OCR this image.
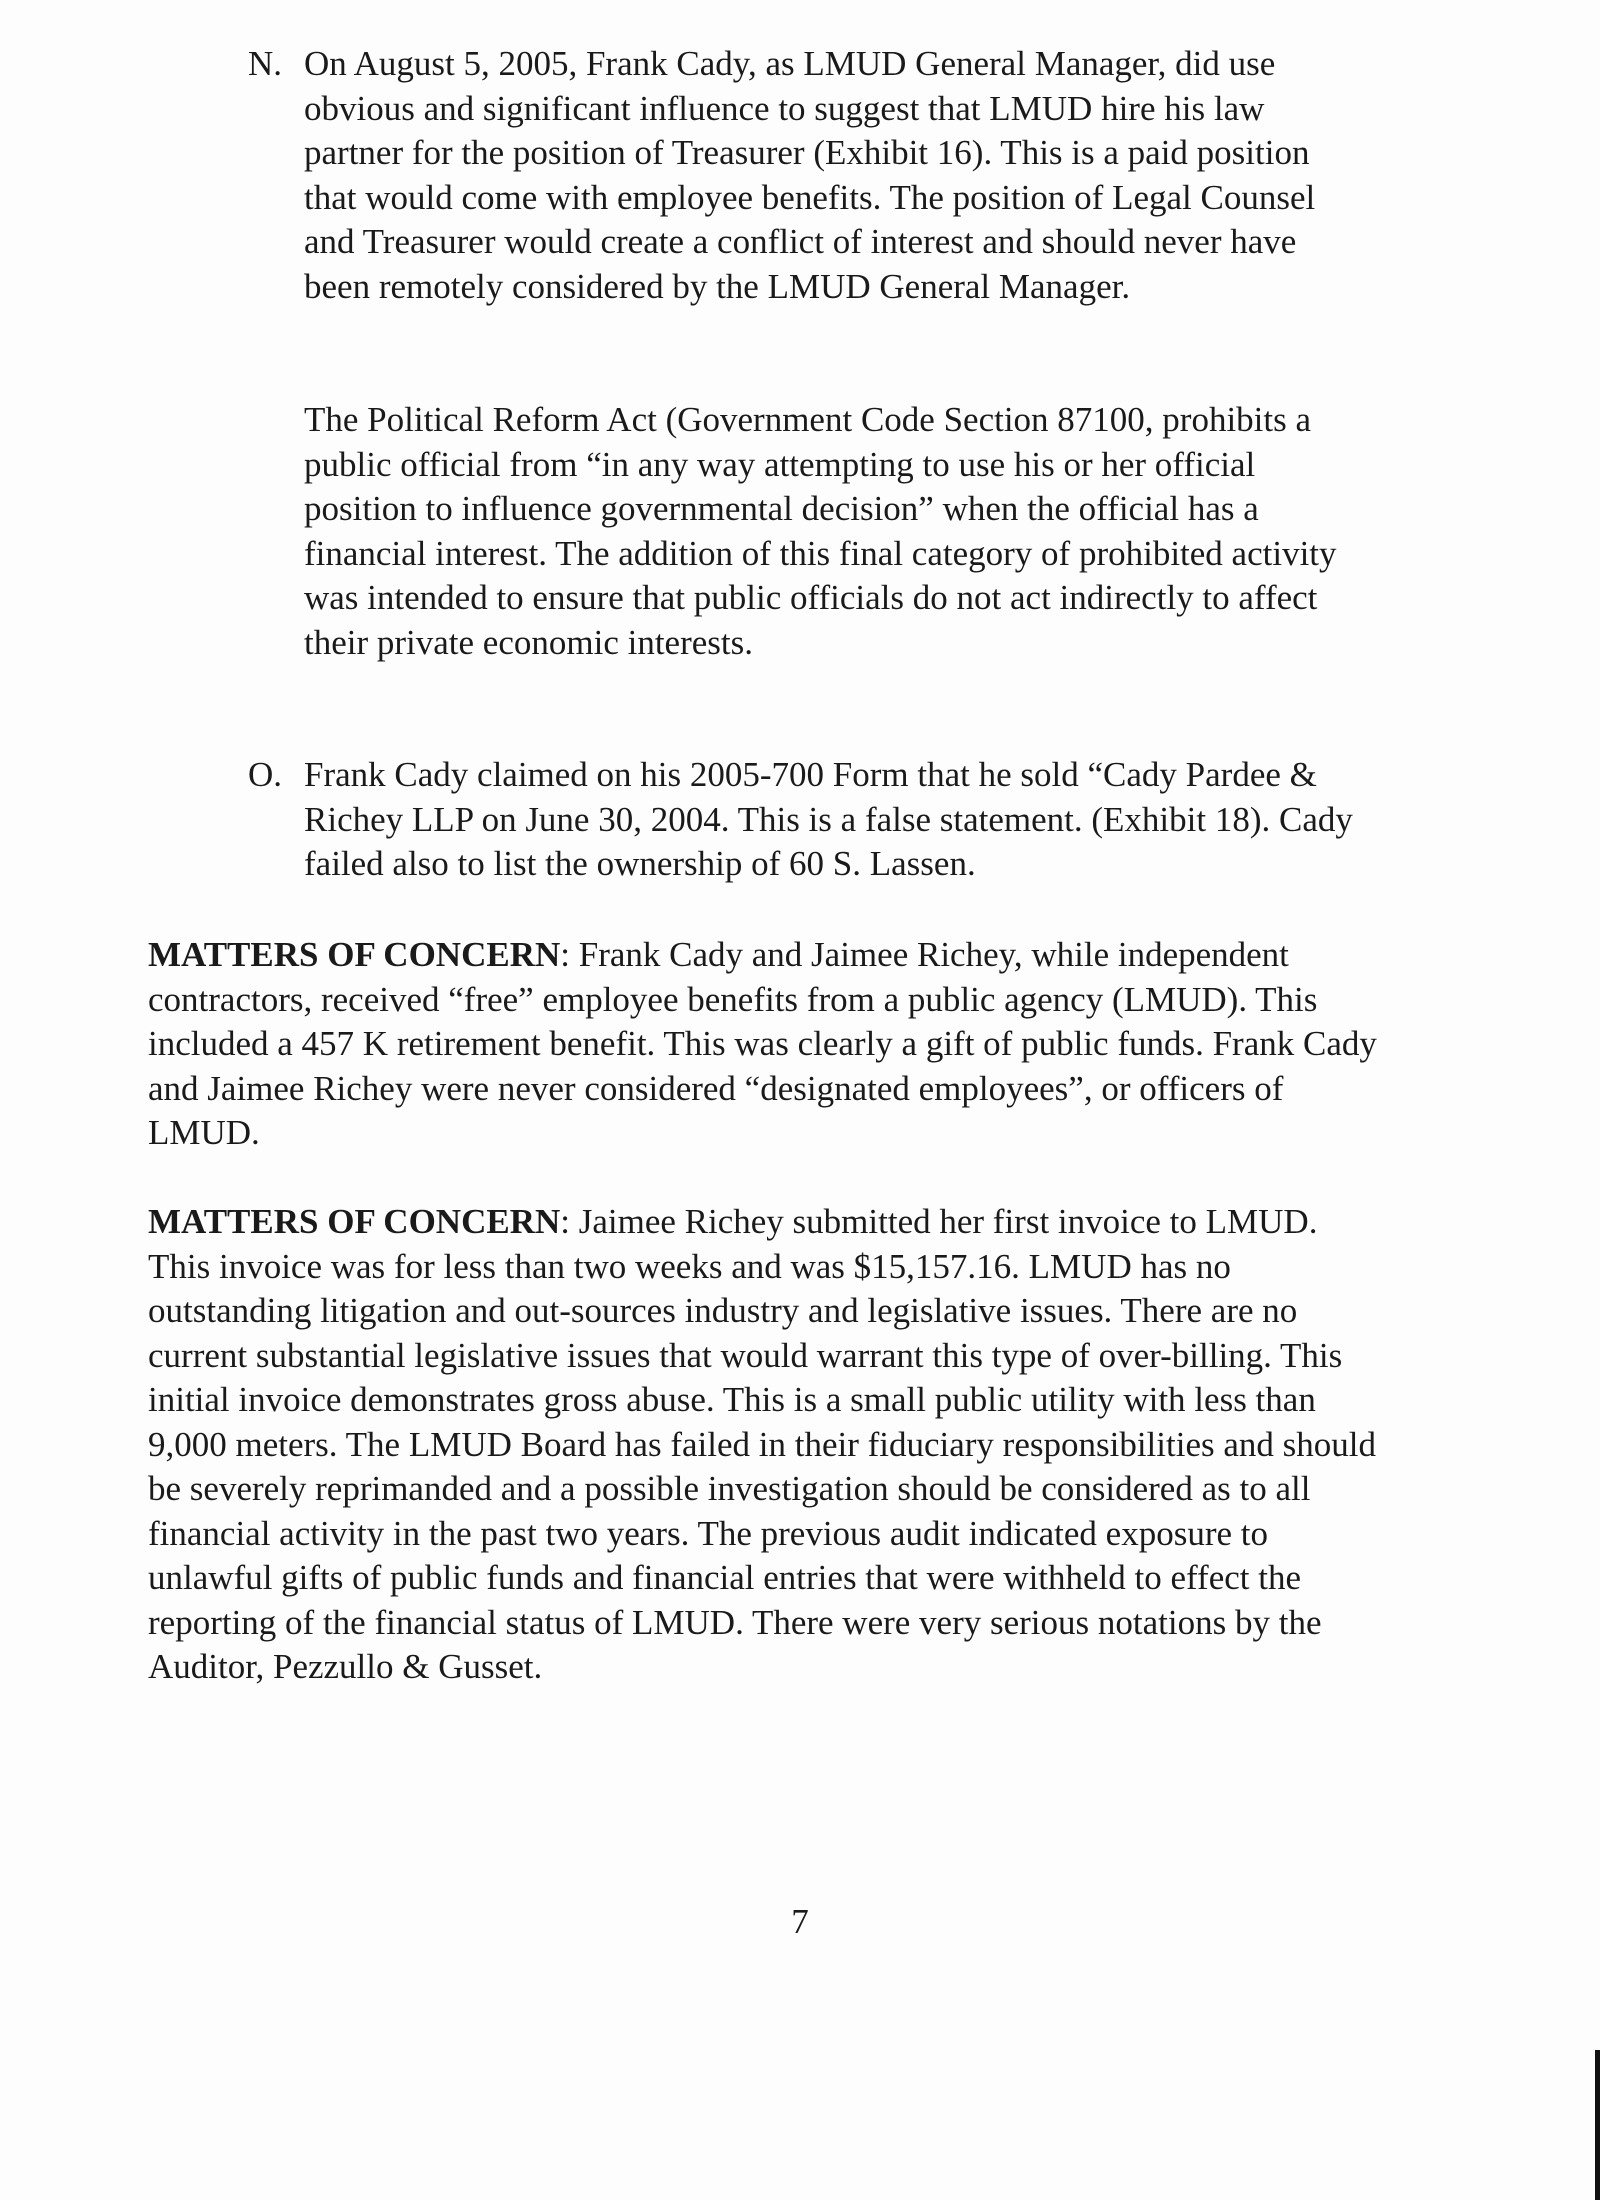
N. On August 5, 2005, Frank Cady, as LMUD General Manager, did use obvious and significant influence to suggest that LMUD hire his law partner for the position of Treasurer (Exhibit 16). This is a paid position that would come with employee benefits. The position of Legal Counsel and Treasurer would create a conflict of interest and should never have been remotely considered by the LMUD General Manager.

The Political Reform Act (Government Code Section 87100, prohibits a public official from “in any way attempting to use his or her official position to influence governmental decision” when the official has a financial interest. The addition of this final category of prohibited activity was intended to ensure that public officials do not act indirectly to affect their private economic interests.

O. Frank Cady claimed on his 2005-700 Form that he sold “Cady Pardee & Richey LLP on June 30, 2004. This is a false statement. (Exhibit 18). Cady failed also to list the ownership of 60 S. Lassen.

MATTERS OF CONCERN: Frank Cady and Jaimee Richey, while independent contractors, received “free” employee benefits from a public agency (LMUD). This included a 457 K retirement benefit. This was clearly a gift of public funds. Frank Cady and Jaimee Richey were never considered “designated employees”, or officers of LMUD.

MATTERS OF CONCERN: Jaimee Richey submitted her first invoice to LMUD. This invoice was for less than two weeks and was $15,157.16. LMUD has no outstanding litigation and out-sources industry and legislative issues. There are no current substantial legislative issues that would warrant this type of over-billing. This initial invoice demonstrates gross abuse. This is a small public utility with less than 9,000 meters. The LMUD Board has failed in their fiduciary responsibilities and should be severely reprimanded and a possible investigation should be considered as to all financial activity in the past two years. The previous audit indicated exposure to unlawful gifts of public funds and financial entries that were withheld to effect the reporting of the financial status of LMUD. There were very serious notations by the Auditor, Pezzullo & Gusset.

7
